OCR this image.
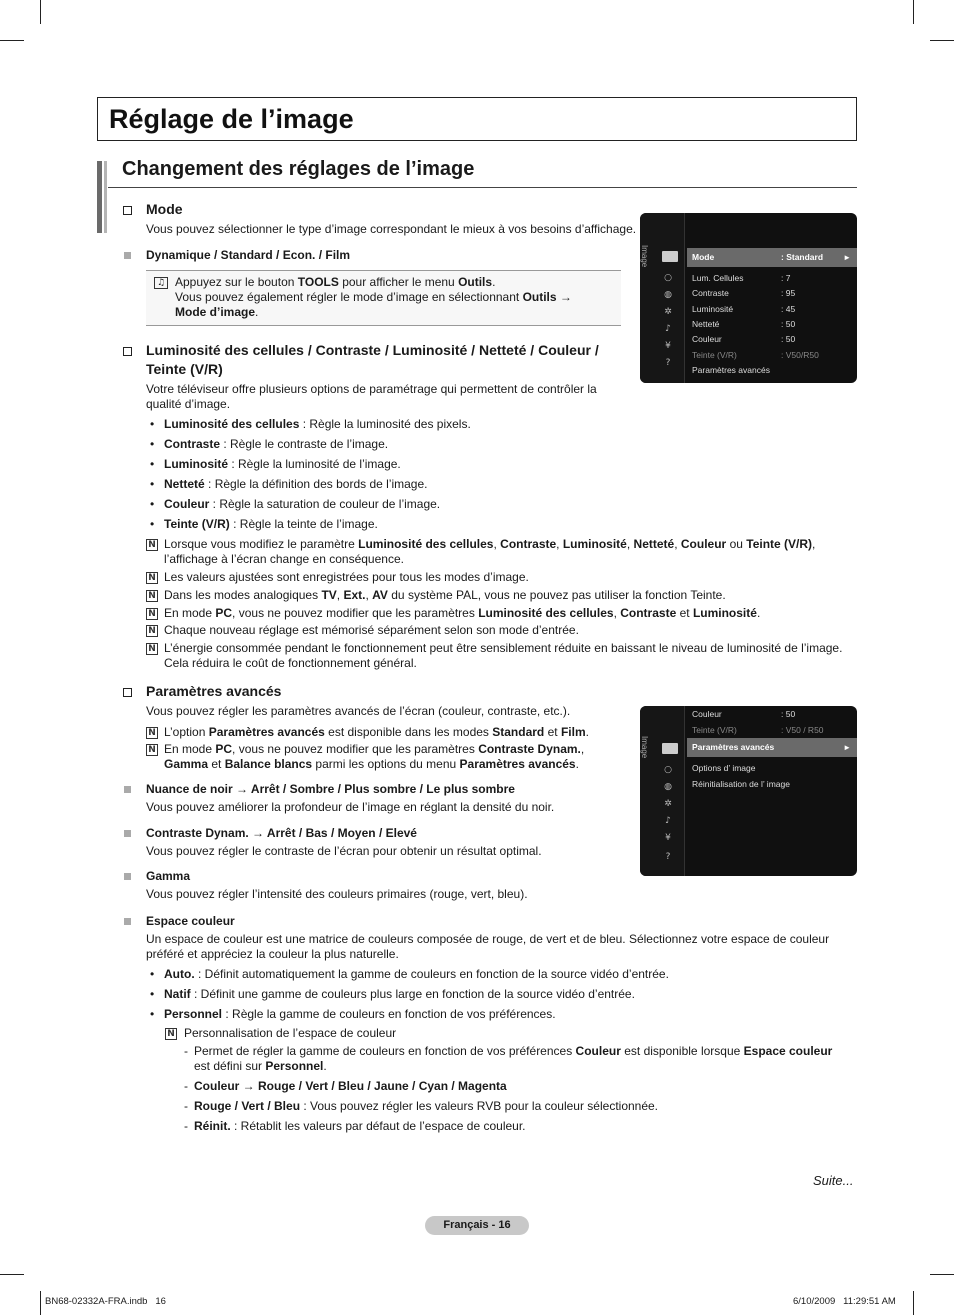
Réglage de l’image
Changement des réglages de l’image
Mode
Vous pouvez sélectionner le type d’image correspondant le mieux à vos besoins d’affichage.
Dynamique / Standard / Econ. / Film
♫ Appuyez sur le bouton TOOLS pour afficher le menu Outils.
Vous pouvez également régler le mode d’image en sélectionnant Outils →
Mode d’image.
Image
○
◍
✲
♪
¥
?
Mode	: Standard	►
Lum. Cellules	: 7
Contraste	: 95
Luminosité	: 45
Netteté	: 50
Couleur	: 50
Teinte (V/R)	: V50/R50
Paramètres avancés
Luminosité des cellules / Contraste / Luminosité / Netteté / Couleur /
Teinte (V/R)
Votre téléviseur offre plusieurs options de paramétrage qui permettent de contrôler la
qualité d’image.
• Luminosité des cellules : Règle la luminosité des pixels.
• Contraste : Règle le contraste de l’image.
• Luminosité : Règle la luminosité de l’image.
• Netteté : Règle la définition des bords de l’image.
• Couleur : Règle la saturation de couleur de l’image.
• Teinte (V/R) : Règle la teinte de l’image.
N Lorsque vous modifiez le paramètre Luminosité des cellules, Contraste, Luminosité, Netteté, Couleur ou Teinte (V/R),
l’affichage à l’écran change en conséquence.
N Les valeurs ajustées sont enregistrées pour tous les modes d’image.
N Dans les modes analogiques TV, Ext., AV du système PAL, vous ne pouvez pas utiliser la fonction Teinte.
N En mode PC, vous ne pouvez modifier que les paramètres Luminosité des cellules, Contraste et Luminosité.
N Chaque nouveau réglage est mémorisé séparément selon son mode d’entrée.
N L’énergie consommée pendant le fonctionnement peut être sensiblement réduite en baissant le niveau de luminosité de l’image.
Cela réduira le coût de fonctionnement général.
Paramètres avancés
Vous pouvez régler les paramètres avancés de l’écran (couleur, contraste, etc.).
N L’option Paramètres avancés est disponible dans les modes Standard et Film.
N En mode PC, vous ne pouvez modifier que les paramètres Contraste Dynam.,
Gamma et Balance blancs parmi les options du menu Paramètres avancés.
Image
○
◍
✲
♪
¥
?
Couleur	: 50
Teinte (V/R)	: V50 / R50
Paramètres avancés	►
Options d’ image
Réinitialisation de l’ image
Nuance de noir → Arrêt / Sombre / Plus sombre / Le plus sombre
Vous pouvez améliorer la profondeur de l’image en réglant la densité du noir.
Contraste Dynam. → Arrêt / Bas / Moyen / Elevé
Vous pouvez régler le contraste de l’écran pour obtenir un résultat optimal.
Gamma
Vous pouvez régler l’intensité des couleurs primaires (rouge, vert, bleu).
Espace couleur
Un espace de couleur est une matrice de couleurs composée de rouge, de vert et de bleu. Sélectionnez votre espace de couleur
préféré et appréciez la couleur la plus naturelle.
• Auto. : Définit automatiquement la gamme de couleurs en fonction de la source vidéo d’entrée.
• Natif : Définit une gamme de couleurs plus large en fonction de la source vidéo d’entrée.
• Personnel : Règle la gamme de couleurs en fonction de vos préférences.
N Personnalisation de l’espace de couleur
- Permet de régler la gamme de couleurs en fonction de vos préférences Couleur est disponible lorsque Espace couleur
est défini sur Personnel.
- Couleur → Rouge / Vert / Bleu / Jaune / Cyan / Magenta
- Rouge / Vert / Bleu : Vous pouvez régler les valeurs RVB pour la couleur sélectionnée.
- Réinit. : Rétablit les valeurs par défaut de l’espace de couleur.
Suite...
Français - 16
BN68-02332A-FRA.indb   16	6/10/2009   11:29:51 AM
